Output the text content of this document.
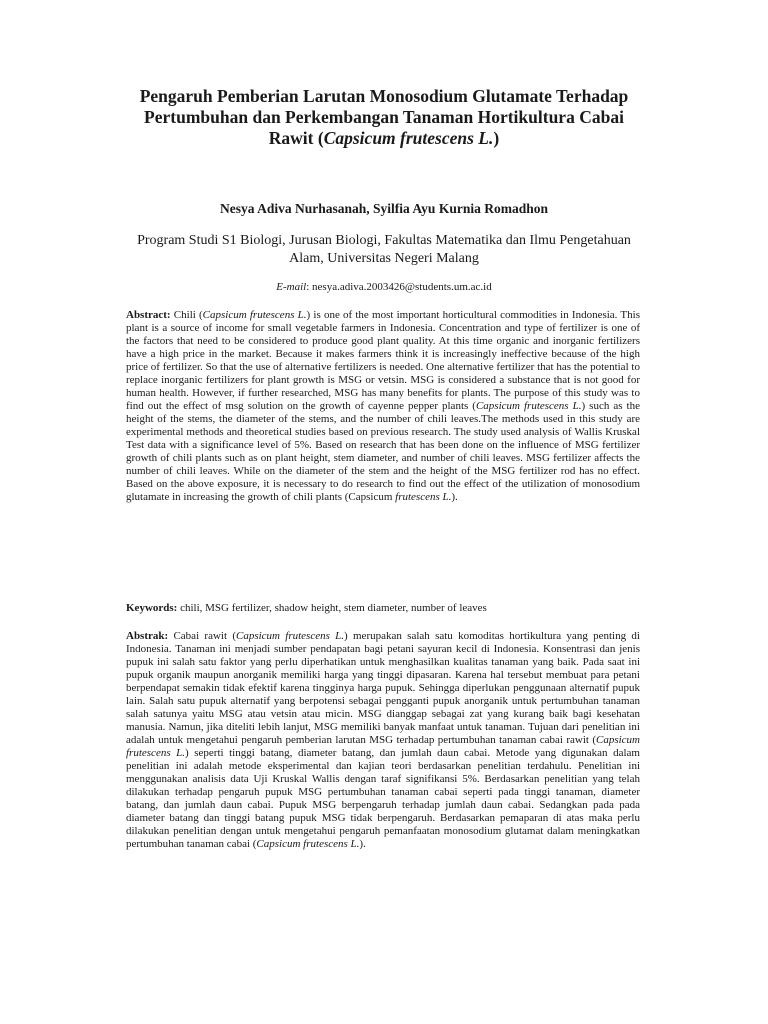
Pengaruh Pemberian Larutan Monosodium Glutamate Terhadap
Pertumbuhan dan Perkembangan Tanaman Hortikultura Cabai
Rawit (Capsicum frutescens L.)

Nesya Adiva Nurhasanah, Syilfia Ayu Kurnia Romadhon

Program Studi S1 Biologi, Jurusan Biologi, Fakultas Matematika dan Ilmu Pengetahuan
Alam, Universitas Negeri Malang

E-mail: nesya.adiva.2003426@students.um.ac.id

Abstract: Chili (Capsicum frutescens L.) is one of the most important horticultural commodities in Indonesia. This plant is a source of income for small vegetable farmers in Indonesia. Concentration and type of fertilizer is one of the factors that need to be considered to produce good plant quality. At this time organic and inorganic fertilizers have a high price in the market. Because it makes farmers think it is increasingly ineffective because of the high price of fertilizer. So that the use of alternative fertilizers is needed. One alternative fertilizer that has the potential to replace inorganic fertilizers for plant growth is MSG or vetsin. MSG is considered a substance that is not good for human health. However, if further researched, MSG has many benefits for plants. The purpose of this study was to find out the effect of msg solution on the growth of cayenne pepper plants (Capsicum frutescens L.) such as the height of the stems, the diameter of the stems, and the number of chili leaves.The methods used in this study are experimental methods and theoretical studies based on previous research. The study used analysis of Wallis Kruskal Test data with a significance level of 5%. Based on research that has been done on the influence of MSG fertilizer growth of chili plants such as on plant height, stem diameter, and number of chili leaves. MSG fertilizer affects the number of chili leaves. While on the diameter of the stem and the height of the MSG fertilizer rod has no effect. Based on the above exposure, it is necessary to do research to find out the effect of the utilization of monosodium glutamate in increasing the growth of chili plants (Capsicum frutescens L.).

Keywords: chili, MSG fertilizer, shadow height, stem diameter, number of leaves

Abstrak: Cabai rawit (Capsicum frutescens L.) merupakan salah satu komoditas hortikultura yang penting di Indonesia. Tanaman ini menjadi sumber pendapatan bagi petani sayuran kecil di Indonesia. Konsentrasi dan jenis pupuk ini salah satu faktor yang perlu diperhatikan untuk menghasilkan kualitas tanaman yang baik. Pada saat ini pupuk organik maupun anorganik memiliki harga yang tinggi dipasaran. Karena hal tersebut membuat para petani berpendapat semakin tidak efektif karena tingginya harga pupuk. Sehingga diperlukan penggunaan alternatif pupuk lain. Salah satu pupuk alternatif yang berpotensi sebagai pengganti pupuk anorganik untuk pertumbuhan tanaman salah satunya yaitu MSG atau vetsin atau micin. MSG dianggap sebagai zat yang kurang baik bagi kesehatan manusia. Namun, jika diteliti lebih lanjut, MSG memiliki banyak manfaat untuk tanaman. Tujuan dari penelitian ini adalah untuk mengetahui pengaruh pemberian larutan MSG terhadap pertumbuhan tanaman cabai rawit (Capsicum frutescens L.) seperti tinggi batang, diameter batang, dan jumlah daun cabai. Metode yang digunakan dalam penelitian ini adalah metode eksperimental dan kajian teori berdasarkan penelitian terdahulu. Penelitian ini menggunakan analisis data Uji Kruskal Wallis dengan taraf signifikansi 5%. Berdasarkan penelitian yang telah dilakukan terhadap pengaruh pupuk MSG pertumbuhan tanaman cabai seperti pada tinggi tanaman, diameter batang, dan jumlah daun cabai. Pupuk MSG berpengaruh terhadap jumlah daun cabai. Sedangkan pada pada diameter batang dan tinggi batang pupuk MSG tidak berpengaruh. Berdasarkan pemaparan di atas maka perlu dilakukan penelitian dengan untuk mengetahui pengaruh pemanfaatan monosodium glutamat dalam meningkatkan pertumbuhan tanaman cabai (Capsicum frutescens L.).
